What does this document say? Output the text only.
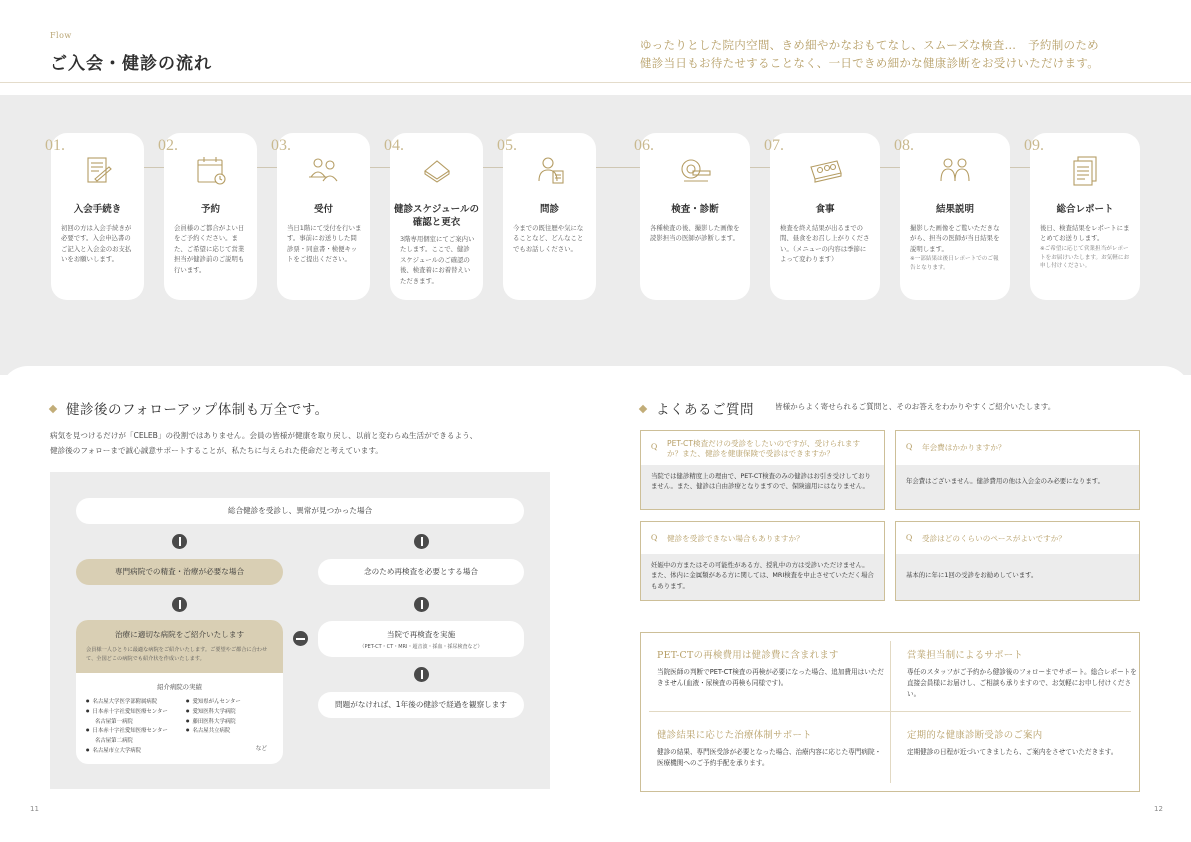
Flow
ご入会・健診の流れ
ゆったりとした院内空間、きめ細やかなおもてなし、スムーズな検査…　予約制のため
健診当日もお待たせすることなく、一日できめ細かな健康診断をお受けいただけます。
01.
入会手続き
初回の方は入会手続きが必要です。入会申込書のご記入と入会金のお支払いをお願いします。
02.
予約
会員様のご都合がよい日をご予約ください。また、ご希望に応じて営業担当が健診前のご説明も行います。
03.
受付
当日1階にて受付を行います。事前にお送りした問診票・同意書・検便キットをご提出ください。
04.
健診スケジュールの確認と更衣
3階専用個室にてご案内いたします。ここで、健診スケジュールのご確認の後、検査着にお着替えいただきます。
05.
問診
今までの既往歴や気になることなど、どんなことでもお話しください。
06.
検査・診断
各種検査の後、撮影した画像を読影担当の医師が診断します。
07.
食事
検査を終え結果が出るまでの間、昼食をお召し上がりください。（メニューの内容は季節によって変わります）
08.
結果説明
撮影した画像をご覧いただきながら、担当の医師が当日結果を説明します。
※一部結果は後日レポートでのご報告となります。
09.
総合レポート
後日、検査結果をレポートにまとめてお送りします。
※ご希望に応じて営業担当がレポートをお届けいたします。お気軽にお申し付けください。
健診後のフォローアップ体制も万全です。
病気を見つけるだけが「CELEB」の役割ではありません。会員の皆様が健康を取り戻し、以前と変わらぬ生活ができるよう、
健診後のフォローまで誠心誠意サポートすることが、私たちに与えられた使命だと考えています。
総合健診を受診し、異常が見つかった場合
専門病院での精査・治療が必要な場合	念のため再検査を必要とする場合
治療に適切な病院をご紹介いたします
会員様一人ひとりに最適な病院をご紹介いたします。ご要望やご都合に合わせて、全国どこの病院でも紹介状を作成いたします。
紹介病院の実績
● 名古屋大学医学部附属病院
● 日本赤十字社愛知医療センター
名古屋第一病院
● 日本赤十字社愛知医療センター
名古屋第二病院
● 名古屋市立大学病院
● 愛知県がんセンター
● 愛知医科大学病院
● 藤田医科大学病院
● 名古屋共立病院
など
当院で再検査を実施
（PET-CT・CT・MRI・超音波・採血・採尿検査など）
問題がなければ、1年後の健診で経過を観察します
よくあるご質問	皆様からよく寄せられるご質問と、そのお答えをわかりやすくご紹介いたします。
Q PET-CT検査だけの受診をしたいのですが、受けられますか？また、健診を健康保険で受診はできますか？
当院では健診精度上の理由で、PET-CT検査のみの健診はお引き受けしておりません。また、健診は自由診療となりますので、保険適用にはなりません。
Q 年会費はかかりますか？
年会費はございません。健診費用の他は入会金のみ必要になります。
Q 健診を受診できない場合もありますか？
妊娠中の方またはその可能性がある方、授乳中の方は受診いただけません。また、体内に金属類がある方に関しては、MRI検査を中止させていただく場合もあります。
Q 受診はどのくらいのペースがよいですか？
基本的に年に1回の受診をお勧めしています。
PET-CTの再検費用は健診費に含まれます
当院医師の判断でPET-CT検査の再検が必要になった場合、追加費用はいただきません(血液・尿検査の再検も同様です)。
営業担当制によるサポート
専任のスタッフがご予約から健診後のフォローまでサポート。総合レポートを直接会員様にお届けし、ご相談も承りますので、お気軽にお申し付けください。
健診結果に応じた治療体制サポート
健診の結果、専門医受診が必要となった場合、治療内容に応じた専門病院・医療機関へのご予約手配を承ります。
定期的な健康診断受診のご案内
定期健診の日程が近づいてきましたら、ご案内をさせていただきます。
11	12
